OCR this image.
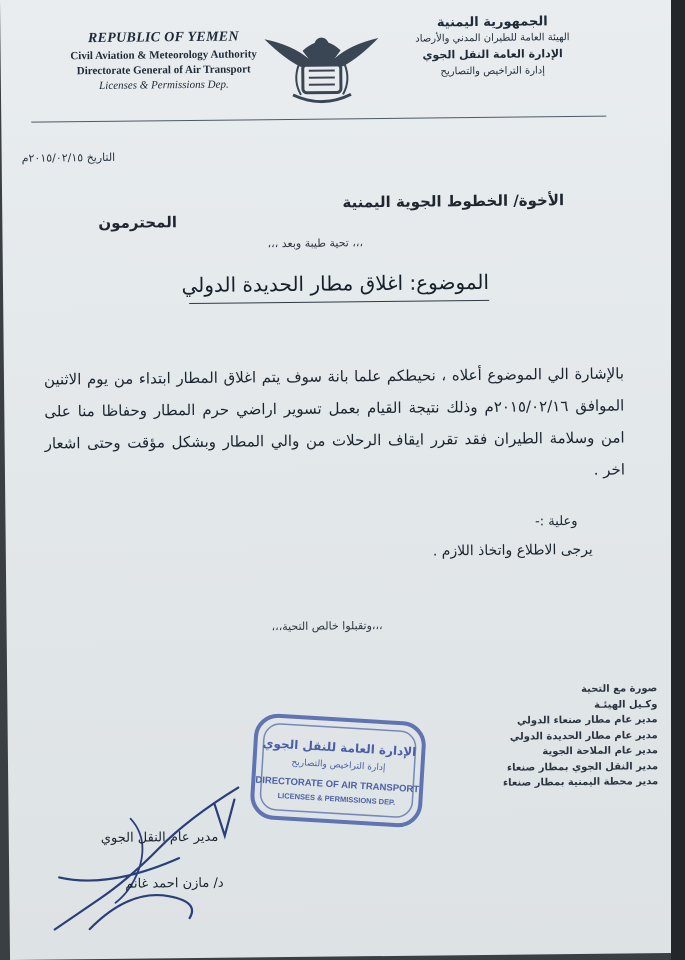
REPUBLIC OF YEMEN
Civil Aviation & Meteorology Authority
Directorate General of Air Transport
Licenses & Permissions Dep.
الجمهورية اليمنية
الهيئة العامة للطيران المدني والأرصاد
الإدارة العامة النقل الجوي
إدارة التراخيص والتصاريح
التاريخ ٢٠١٥/٠٢/١٥م
الأخوة/ الخطوط الجوية اليمنية
المحترمون
،،، تحية طيبة وبعد ،،،
الموضوع: اغلاق مطار الحديدة الدولي

بالإشارة الي الموضوع أعلاه ، نحيطكم علما بانة سوف يتم اغلاق المطار ابتداء من يوم الاثنين الموافق ٢٠١٥/٠٢/١٦م وذلك نتيجة القيام بعمل تسوير اراضي حرم المطار وحفاظا منا على امن وسلامة الطيران فقد تقرر ايقاف الرحلات من والي المطار وبشكل مؤقت وحتى اشعار اخر .

وعلية :-
يرجى الاطلاع واتخاذ اللازم .
،،،وتقبلوا خالص التحية،،،
صورة مع التحية
وكـيل الهيئـة
مدير عام مطار صنعاء الدولي
مدير عام مطار الحديدة الدولي
مدير عام الملاحة الجوية
مدير النقل الجوي بمطار صنعاء
مدير محطة اليمنية بمطار صنعاء
الإدارة العامة للنقل الجوي
إدارة التراخيص والتصاريح
DIRECTORATE OF AIR TRANSPORT
LICENSES & PERMISSIONS DEP.
مدير عام النقل الجوي
د/ مازن احمد غانم
